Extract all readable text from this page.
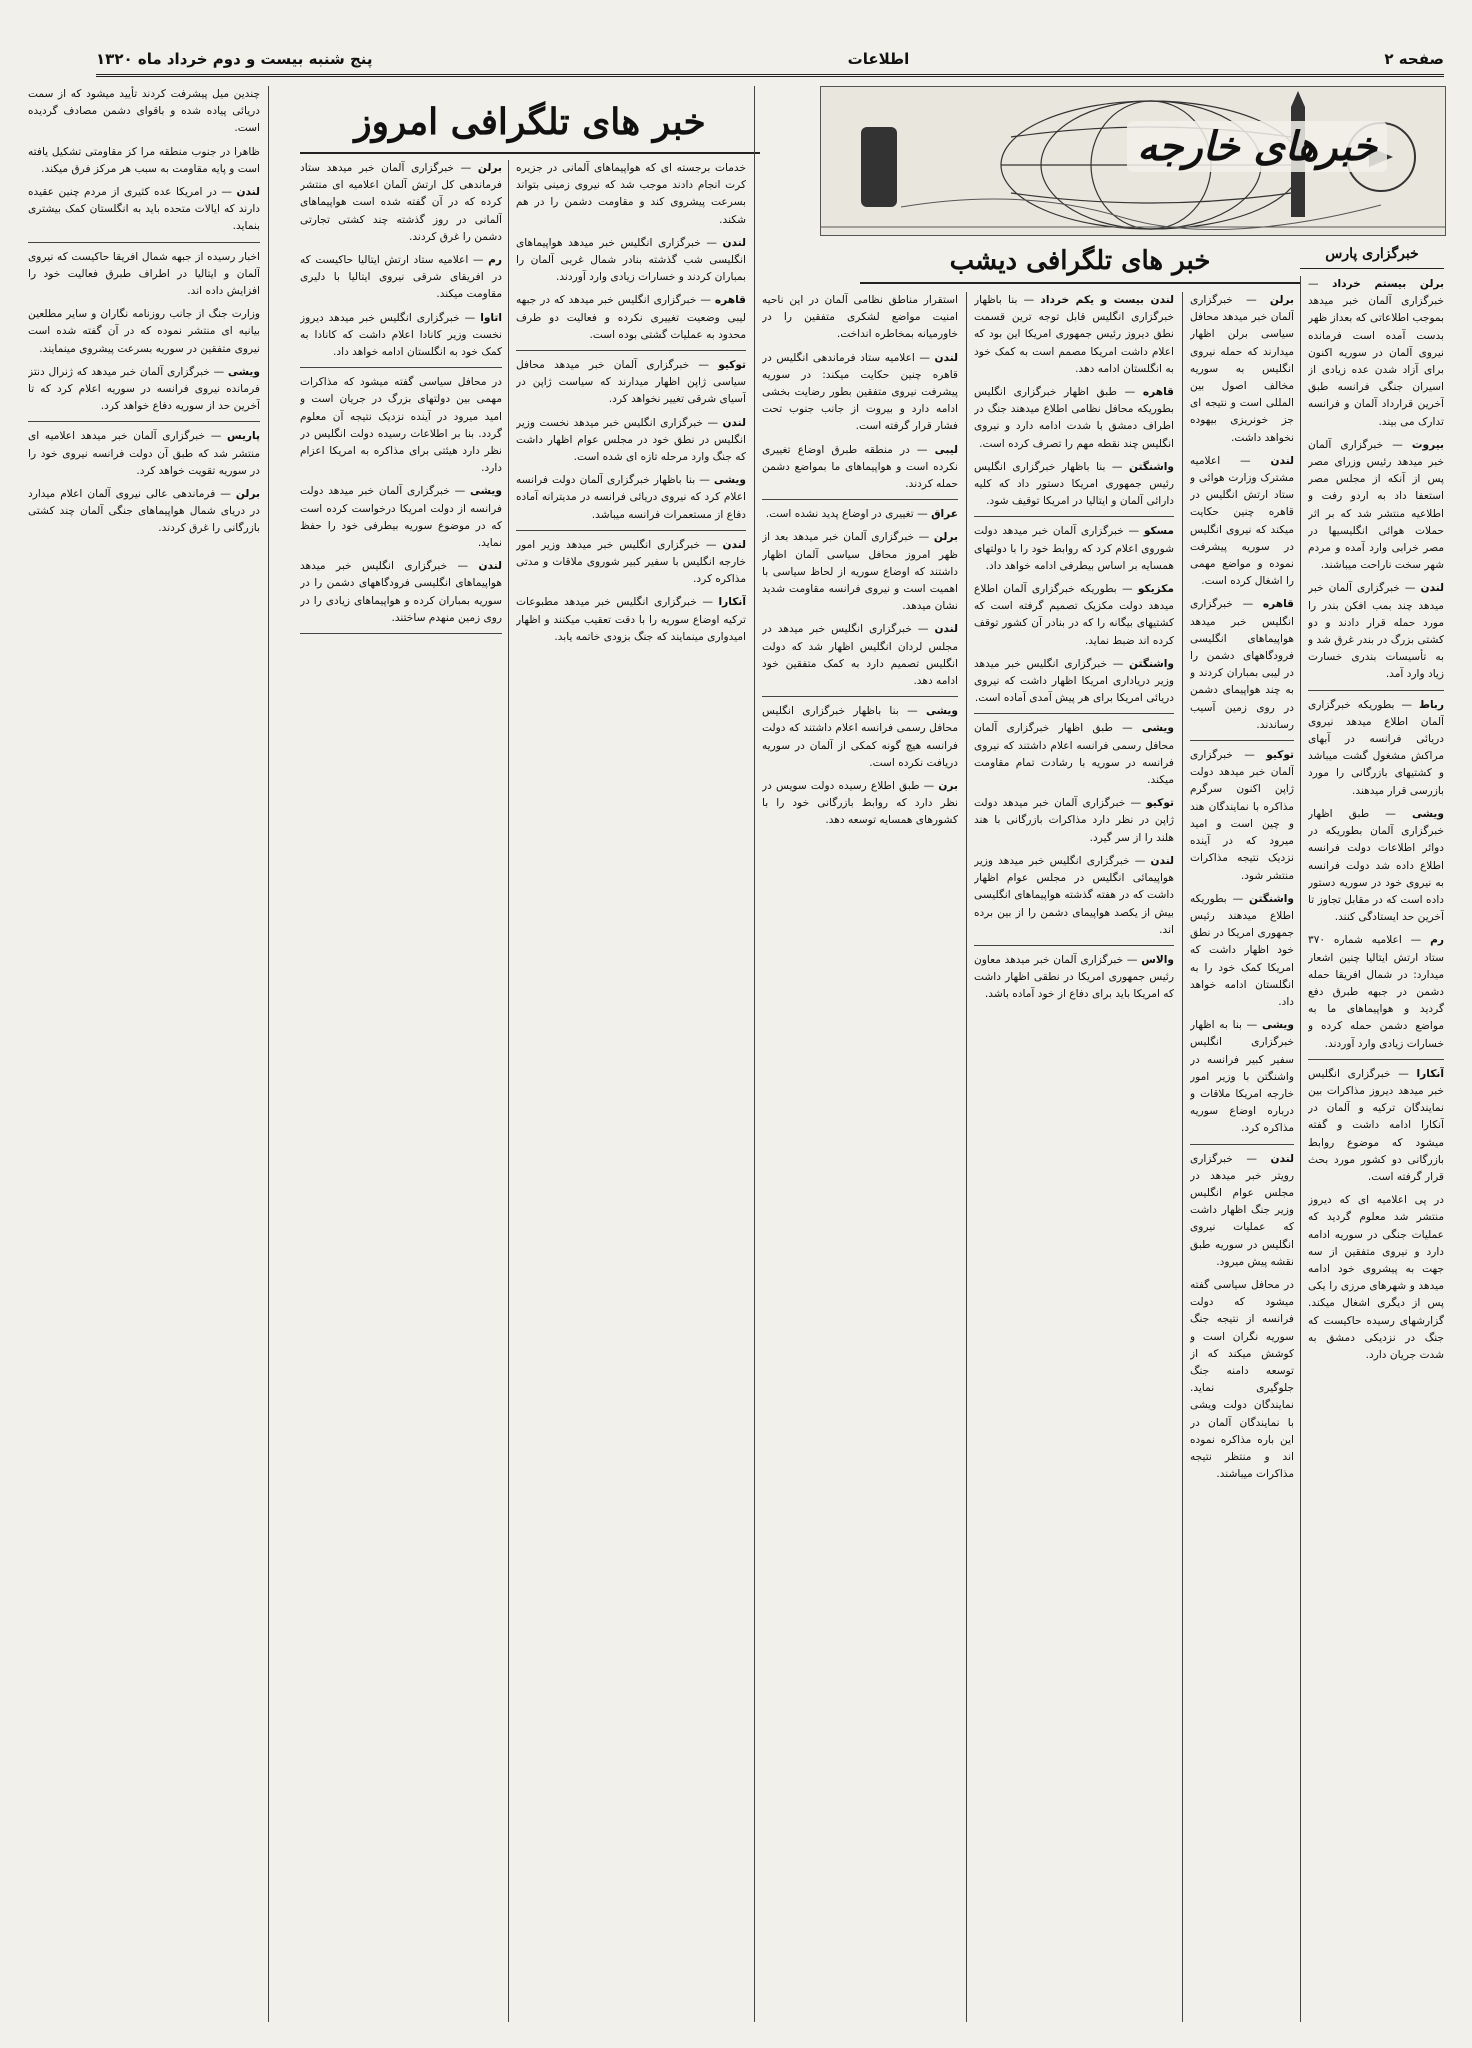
صفحه ۲
اطلاعات
پنج شنبه بیست و دوم خرداد ماه ۱۳۲۰
خبرهای خارجه
خبر های تلگرافی امروز
خبر های تلگرافی دیشب	خبرگزاری پارس

چندین میل پیشرفت کردند تأیید میشود که از سمت دریائی پیاده شده و باقوای دشمن مصادف گردیده است.

ظاهرا در جنوب منطقه مرا کز مقاومتی تشکیل یافته است و پایه مقاومت به سبب هر مرکز فرق میکند.

لندن — در امریکا عده کثیری از مردم چنین عقیده دارند که ایالات متحده باید به انگلستان کمک بیشتری بنماید.

اخبار رسیده از جبهه شمال افریقا حاکیست که نیروی آلمان و ایتالیا در اطراف طبرق فعالیت خود را افزایش داده اند.

وزارت جنگ از جانب روزنامه نگاران و سایر مطلعین بیانیه ای منتشر نموده که در آن گفته شده است نیروی متفقین در سوریه بسرعت پیشروی مینمایند.

ویشی — خبرگزاری آلمان خبر میدهد که ژنرال دنتز فرمانده نیروی فرانسه در سوریه اعلام کرد که تا آخرین حد از سوریه دفاع خواهد کرد.

پاریس — خبرگزاری آلمان خبر میدهد اعلامیه ای منتشر شد که طبق آن دولت فرانسه نیروی خود را در سوریه تقویت خواهد کرد.

برلن — فرماندهی عالی نیروی آلمان اعلام میدارد در دریای شمال هواپیماهای جنگی آلمان چند کشتی بازرگانی را غرق کردند.

برلن — خبرگزاری آلمان خبر میدهد ستاد فرماندهی کل ارتش آلمان اعلامیه ای منتشر کرده که در آن گفته شده است هواپیماهای آلمانی در روز گذشته چند کشتی تجارتی دشمن را غرق کردند.

رم — اعلامیه ستاد ارتش ایتالیا حاکیست که در افریقای شرقی نیروی ایتالیا با دلیری مقاومت میکند.

اتاوا — خبرگزاری انگلیس خبر میدهد دیروز نخست وزیر کانادا اعلام داشت که کانادا به کمک خود به انگلستان ادامه خواهد داد.

در محافل سیاسی گفته میشود که مذاکرات مهمی بین دولتهای بزرگ در جریان است و امید میرود در آینده نزدیک نتیجه آن معلوم گردد. بنا بر اطلاعات رسیده دولت انگلیس در نظر دارد هیئتی برای مذاکره به امریکا اعزام دارد.

ویشی — خبرگزاری آلمان خبر میدهد دولت فرانسه از دولت امریکا درخواست کرده است که در موضوع سوریه بیطرفی خود را حفظ نماید.

لندن — خبرگزاری انگلیس خبر میدهد هواپیماهای انگلیسی فرودگاههای دشمن را در سوریه بمباران کرده و هواپیماهای زیادی را در روی زمین منهدم ساختند.

خدمات برجسته ای که هواپیماهای آلمانی در جزیره کرت انجام دادند موجب شد که نیروی زمینی بتواند بسرعت پیشروی کند و مقاومت دشمن را در هم شکند.

لندن — خبرگزاری انگلیس خبر میدهد هواپیماهای انگلیسی شب گذشته بنادر شمال غربی آلمان را بمباران کردند و خسارات زیادی وارد آوردند.

قاهره — خبرگزاری انگلیس خبر میدهد که در جبهه لیبی وضعیت تغییری نکرده و فعالیت دو طرف محدود به عملیات گشتی بوده است.

توکیو — خبرگزاری آلمان خبر میدهد محافل سیاسی ژاپن اظهار میدارند که سیاست ژاپن در آسیای شرقی تغییر نخواهد کرد.

لندن — خبرگزاری انگلیس خبر میدهد نخست وزیر انگلیس در نطق خود در مجلس عوام اظهار داشت که جنگ وارد مرحله تازه ای شده است.

ویشی — بنا باظهار خبرگزاری آلمان دولت فرانسه اعلام کرد که نیروی دریائی فرانسه در مدیترانه آماده دفاع از مستعمرات فرانسه میباشد.

لندن — خبرگزاری انگلیس خبر میدهد وزیر امور خارجه انگلیس با سفیر کبیر شوروی ملاقات و مدتی مذاکره کرد.

آنکارا — خبرگزاری انگلیس خبر میدهد مطبوعات ترکیه اوضاع سوریه را با دقت تعقیب میکنند و اظهار امیدواری مینمایند که جنگ بزودی خاتمه یابد.

استقرار مناطق نظامی آلمان در این ناحیه امنیت مواضع لشکری متفقین را در خاورمیانه بمخاطره انداخت.

لندن — اعلامیه ستاد فرماندهی انگلیس در قاهره چنین حکایت میکند: در سوریه پیشرفت نیروی متفقین بطور رضایت بخشی ادامه دارد و بیروت از جانب جنوب تحت فشار قرار گرفته است.

لیبی — در منطقه طبرق اوضاع تغییری نکرده است و هواپیماهای ما بمواضع دشمن حمله کردند.

عراق — تغییری در اوضاع پدید نشده است.

برلن — خبرگزاری آلمان خبر میدهد بعد از ظهر امروز محافل سیاسی آلمان اظهار داشتند که اوضاع سوریه از لحاظ سیاسی با اهمیت است و نیروی فرانسه مقاومت شدید نشان میدهد.

لندن — خبرگزاری انگلیس خبر میدهد در مجلس لردان انگلیس اظهار شد که دولت انگلیس تصمیم دارد به کمک متفقین خود ادامه دهد.

ویشی — بنا باظهار خبرگزاری انگلیس محافل رسمی فرانسه اعلام داشتند که دولت فرانسه هیچ گونه کمکی از آلمان در سوریه دریافت نکرده است.

برن — طبق اطلاع رسیده دولت سویس در نظر دارد که روابط بازرگانی خود را با کشورهای همسایه توسعه دهد.

لندن بیست و یکم خرداد — بنا باظهار خبرگزاری انگلیس قابل توجه ترین قسمت نطق دیروز رئیس جمهوری امریکا این بود که اعلام داشت امریکا مصمم است به کمک خود به انگلستان ادامه دهد.

قاهره — طبق اظهار خبرگزاری انگلیس بطوریکه محافل نظامی اطلاع میدهند جنگ در اطراف دمشق با شدت ادامه دارد و نیروی انگلیس چند نقطه مهم را تصرف کرده است.

واشنگتن — بنا باظهار خبرگزاری انگلیس رئیس جمهوری امریکا دستور داد که کلیه دارائی آلمان و ایتالیا در امریکا توقیف شود.

مسکو — خبرگزاری آلمان خبر میدهد دولت شوروی اعلام کرد که روابط خود را با دولتهای همسایه بر اساس بیطرفی ادامه خواهد داد.

مکزیکو — بطوریکه خبرگزاری آلمان اطلاع میدهد دولت مکزیک تصمیم گرفته است که کشتیهای بیگانه را که در بنادر آن کشور توقف کرده اند ضبط نماید.

واشنگتن — خبرگزاری انگلیس خبر میدهد وزیر دریاداری امریکا اظهار داشت که نیروی دریائی امریکا برای هر پیش آمدی آماده است.

ویشی — طبق اظهار خبرگزاری آلمان محافل رسمی فرانسه اعلام داشتند که نیروی فرانسه در سوریه با رشادت تمام مقاومت میکند.

توکیو — خبرگزاری آلمان خبر میدهد دولت ژاپن در نظر دارد مذاکرات بازرگانی با هند هلند را از سر گیرد.

لندن — خبرگزاری انگلیس خبر میدهد وزیر هواپیمائی انگلیس در مجلس عوام اظهار داشت که در هفته گذشته هواپیماهای انگلیسی بیش از یکصد هواپیمای دشمن را از بین برده اند.

والاس — خبرگزاری آلمان خبر میدهد معاون رئیس جمهوری امریکا در نطقی اظهار داشت که امریکا باید برای دفاع از خود آماده باشد.

برلن — خبرگزاری آلمان خبر میدهد محافل سیاسی برلن اظهار میدارند که حمله نیروی انگلیس به سوریه مخالف اصول بین المللی است و نتیجه ای جز خونریزی بیهوده نخواهد داشت.

لندن — اعلامیه مشترک وزارت هوائی و ستاد ارتش انگلیس در قاهره چنین حکایت میکند که نیروی انگلیس در سوریه پیشرفت نموده و مواضع مهمی را اشغال کرده است.

قاهره — خبرگزاری انگلیس خبر میدهد هواپیماهای انگلیسی فرودگاههای دشمن را در لیبی بمباران کردند و به چند هواپیمای دشمن در روی زمین آسیب رساندند.

توکیو — خبرگزاری آلمان خبر میدهد دولت ژاپن اکنون سرگرم مذاکره با نمایندگان هند و چین است و امید میرود که در آینده نزدیک نتیجه مذاکرات منتشر شود.

واشنگتن — بطوریکه اطلاع میدهند رئیس جمهوری امریکا در نطق خود اظهار داشت که امریکا کمک خود را به انگلستان ادامه خواهد داد.

ویشی — بنا به اظهار خبرگزاری انگلیس سفیر کبیر فرانسه در واشنگتن با وزیر امور خارجه امریکا ملاقات و درباره اوضاع سوریه مذاکره کرد.

لندن — خبرگزاری رویتر خبر میدهد در مجلس عوام انگلیس وزیر جنگ اظهار داشت که عملیات نیروی انگلیس در سوریه طبق نقشه پیش میرود.

در محافل سیاسی گفته میشود که دولت فرانسه از نتیجه جنگ سوریه نگران است و کوشش میکند که از توسعه دامنه جنگ جلوگیری نماید. نمایندگان دولت ویشی با نمایندگان آلمان در این باره مذاکره نموده اند و منتظر نتیجه مذاکرات میباشند.

برلن بیستم خرداد — خبرگزاری آلمان خبر میدهد بموجب اطلاعاتی که بعداز ظهر بدست آمده است فرمانده نیروی آلمان در سوریه اکنون برای آزاد شدن عده زیادی از اسیران جنگی فرانسه طبق آخرین قرارداد آلمان و فرانسه تدارک می بیند.

بیروت — خبرگزاری آلمان خبر میدهد رئیس وزرای مصر پس از آنکه از مجلس مصر استعفا داد به اردو رفت و اطلاعیه منتشر شد که بر اثر حملات هوائی انگلیسیها در مصر خرابی وارد آمده و مردم شهر سخت ناراحت میباشند.

لندن — خبرگزاری آلمان خبر میدهد چند بمب افکن بندر را مورد حمله قرار دادند و دو کشتی بزرگ در بندر غرق شد و به تأسیسات بندری خسارت زیاد وارد آمد.

رباط — بطوریکه خبرگزاری آلمان اطلاع میدهد نیروی دریائی فرانسه در آبهای مراکش مشغول گشت میباشد و کشتیهای بازرگانی را مورد بازرسی قرار میدهند.

ویشی — طبق اظهار خبرگزاری آلمان بطوریکه در دوائر اطلاعات دولت فرانسه اطلاع داده شد دولت فرانسه به نیروی خود در سوریه دستور داده است که در مقابل تجاوز تا آخرین حد ایستادگی کنند.

رم — اعلامیه شماره ۳۷۰ ستاد ارتش ایتالیا چنین اشعار میدارد: در شمال افریقا حمله دشمن در جبهه طبرق دفع گردید و هواپیماهای ما به مواضع دشمن حمله کرده و خسارات زیادی وارد آوردند.

آنکارا — خبرگزاری انگلیس خبر میدهد دیروز مذاکرات بین نمایندگان ترکیه و آلمان در آنکارا ادامه داشت و گفته میشود که موضوع روابط بازرگانی دو کشور مورد بحث قرار گرفته است.

در پی اعلامیه ای که دیروز منتشر شد معلوم گردید که عملیات جنگی در سوریه ادامه دارد و نیروی متفقین از سه جهت به پیشروی خود ادامه میدهد و شهرهای مرزی را یکی پس از دیگری اشغال میکند. گزارشهای رسیده حاکیست که جنگ در نزدیکی دمشق به شدت جریان دارد.
